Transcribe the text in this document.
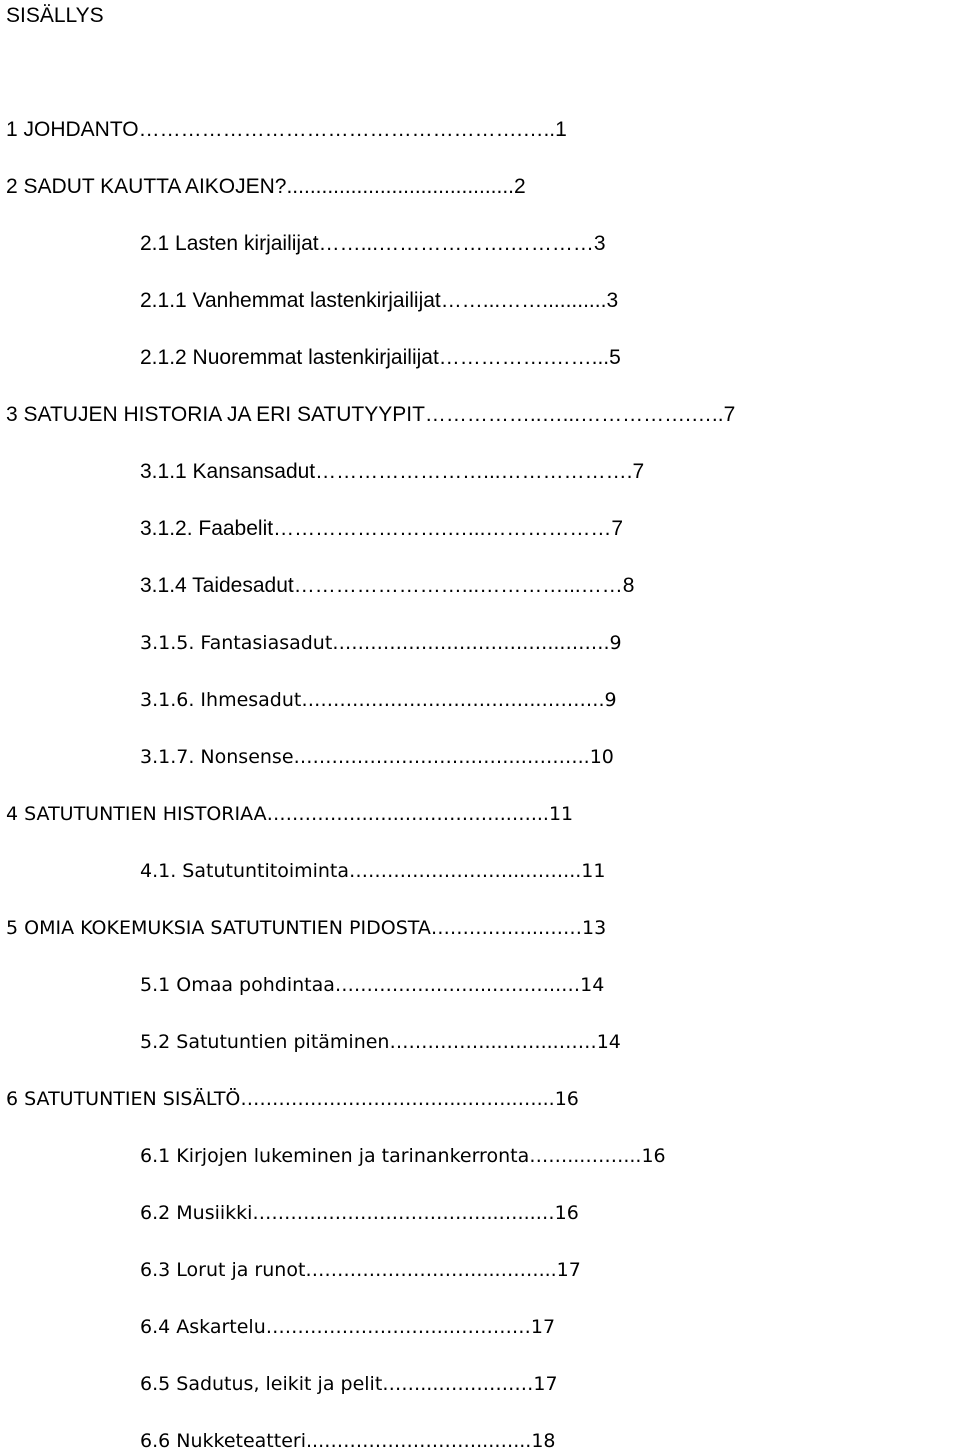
SISÄLLYS
1 JOHDANTO……………………………………………….…..1
2 SADUT KAUTTA AIKOJEN?.......................................2
2.1 Lasten kirjailijat……...……………….…………3
2.1.1 Vanhemmat lastenkirjailijat……...……...........3
2.1.2 Nuoremmat lastenkirjailijat…………….……...5
3 SATUJEN HISTORIA JA ERI SATUTYYPIT……………..…...…………….…..7
3.1.1 Kansansadut……………………...……………….7
3.1.2. Faabelit…………………….…...………………7
3.1.4 Taidesadut……………………...…………...……8
3.1.5. Fantasiasadut………………………….…...…….9
3.1.6. Ihmesadut………………………………..……….9
3.1.7. Nonsense……………………….……..………..10
4 SATUTUNTIEN HISTORIAA…………….…...……………..…...11
4.1. Satutuntitoiminta……….……………...……...11
5 OMIA KOKEMUKSIA SATUTUNTIEN PIDOSTA……………...……13
5.1 Omaa pohdintaa…………….……...………..…14
5.2 Satutuntien pitäminen……………...……...……14
6 SATUTUNTIEN SISÄLTÖ……………………………...……..…...16
6.1 Kirjojen lukeminen ja tarinankerronta……...……...16
6.2 Musiikki………………………………...…...…16
6.3 Lorut ja runot………………………....……...17
6.4 Askartelu………………………...…………17
6.5 Sadutus, leikit ja pelit……...……………17
6.6 Nukketeatteri...……………………...…...18
